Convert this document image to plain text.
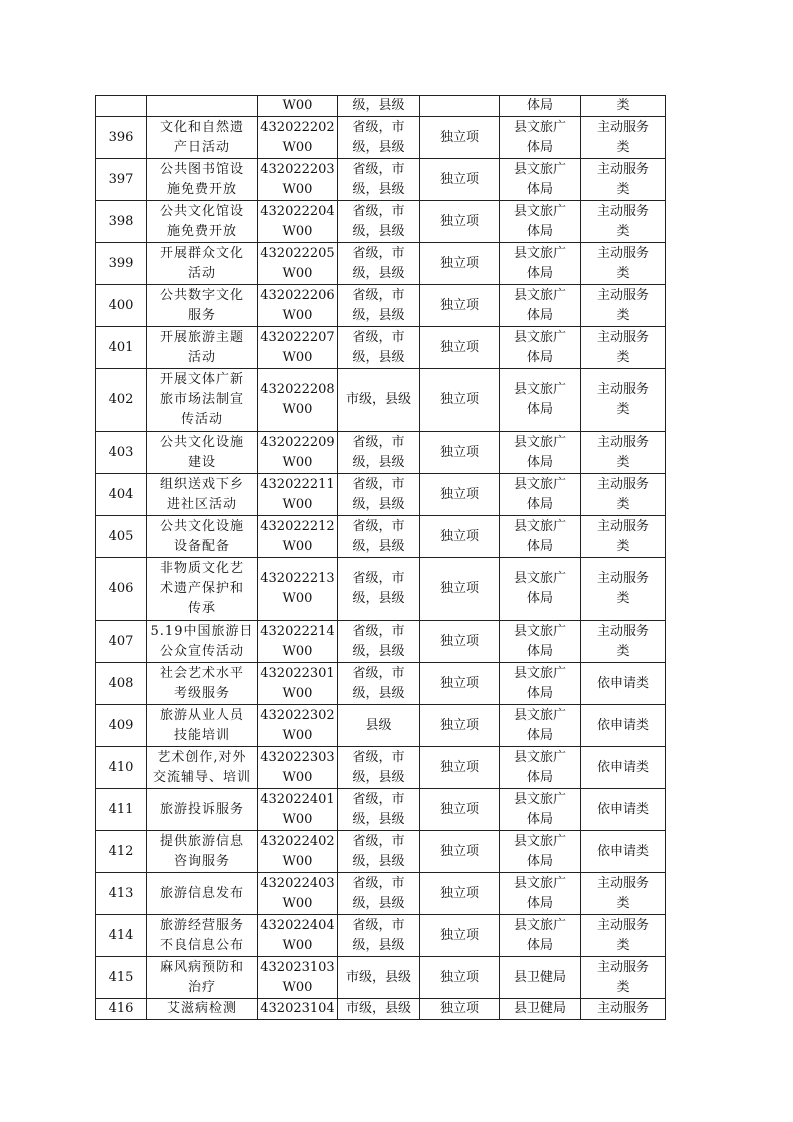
		W00	级，县级		体局	类
396	文化和自然遗
产日活动	432022202
W00	省级，市
级，县级	独立项	县文旅广
体局	主动服务
类
397	公共图书馆设
施免费开放	432022203
W00	省级，市
级，县级	独立项	县文旅广
体局	主动服务
类
398	公共文化馆设
施免费开放	432022204
W00	省级，市
级，县级	独立项	县文旅广
体局	主动服务
类
399	开展群众文化
活动	432022205
W00	省级，市
级，县级	独立项	县文旅广
体局	主动服务
类
400	公共数字文化
服务	432022206
W00	省级，市
级，县级	独立项	县文旅广
体局	主动服务
类
401	开展旅游主题
活动	432022207
W00	省级，市
级，县级	独立项	县文旅广
体局	主动服务
类
402	开展文体广新
旅市场法制宣
传活动	432022208
W00	市级，县级	独立项	县文旅广
体局	主动服务
类
403	公共文化设施
建设	432022209
W00	省级，市
级，县级	独立项	县文旅广
体局	主动服务
类
404	组织送戏下乡
进社区活动	432022211
W00	省级，市
级，县级	独立项	县文旅广
体局	主动服务
类
405	公共文化设施
设备配备	432022212
W00	省级，市
级，县级	独立项	县文旅广
体局	主动服务
类
406	非物质文化艺
术遗产保护和
传承	432022213
W00	省级，市
级，县级	独立项	县文旅广
体局	主动服务
类
407	5.19中国旅游日
公众宣传活动	432022214
W00	省级，市
级，县级	独立项	县文旅广
体局	主动服务
类
408	社会艺术水平
考级服务	432022301
W00	省级，市
级，县级	独立项	县文旅广
体局	依申请类
409	旅游从业人员
技能培训	432022302
W00	县级	独立项	县文旅广
体局	依申请类
410	艺术创作,对外
交流辅导、培训	432022303
W00	省级，市
级，县级	独立项	县文旅广
体局	依申请类
411	旅游投诉服务	432022401
W00	省级，市
级，县级	独立项	县文旅广
体局	依申请类
412	提供旅游信息
咨询服务	432022402
W00	省级，市
级，县级	独立项	县文旅广
体局	依申请类
413	旅游信息发布	432022403
W00	省级，市
级，县级	独立项	县文旅广
体局	主动服务
类
414	旅游经营服务
不良信息公布	432022404
W00	省级，市
级，县级	独立项	县文旅广
体局	主动服务
类
415	麻风病预防和
治疗	432023103
W00	市级，县级	独立项	县卫健局	主动服务
类
416	艾滋病检测	432023104	市级，县级	独立项	县卫健局	主动服务
